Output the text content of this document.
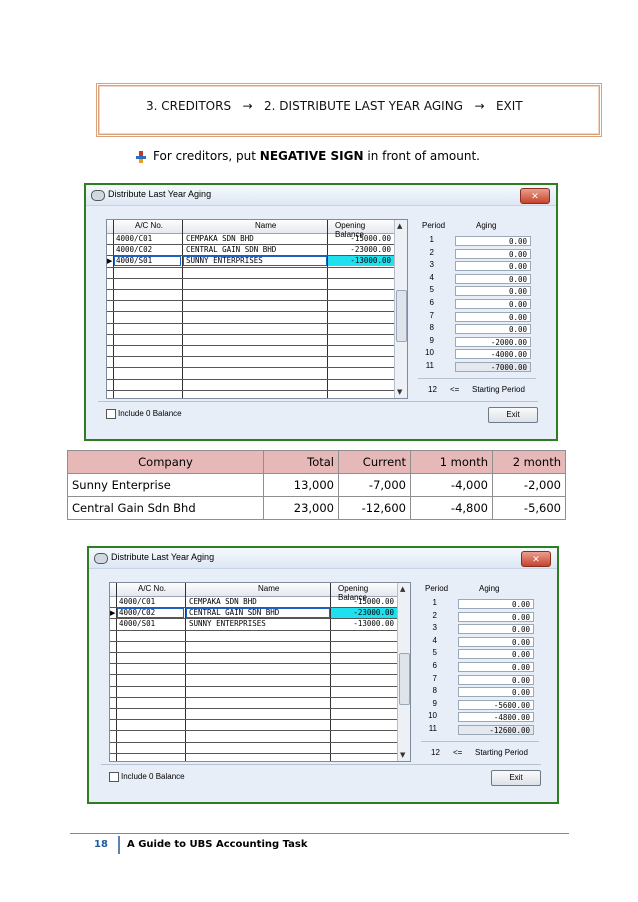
3. CREDITORS → 2. DISTRIBUTE LAST YEAR AGING → EXIT
For creditors, put NEGATIVE SIGN in front of amount.
Distribute Last Year Aging	✕
A/C No.	Name	Opening Balance
4000/C01	CEMPAKA SDN BHD	-15000.00
4000/C02	CENTRAL GAIN SDN BHD	-23000.00
▶ 4000/S01	SUNNY ENTERPRISES	-13000.00
▲
▼
Period	Aging
1	0.00
2	0.00
3	0.00
4	0.00
5	0.00
6	0.00
7	0.00
8	0.00
9	-2000.00
10	-4000.00
11	-7000.00
12 <= Starting Period
Include 0 Balance	Exit
Company	Total	Current	1 month	2 month
Sunny Enterprise	13,000	-7,000	-4,000	-2,000
Central Gain Sdn Bhd	23,000	-12,600	-4,800	-5,600
Distribute Last Year Aging	✕
A/C No.	Name	Opening Balance
4000/C01	CEMPAKA SDN BHD	-15000.00
▶ 4000/C02	CENTRAL GAIN SDN BHD	-23000.00
4000/S01	SUNNY ENTERPRISES	-13000.00
▲
▼
Period	Aging
1	0.00
2	0.00
3	0.00
4	0.00
5	0.00
6	0.00
7	0.00
8	0.00
9	-5600.00
10	-4800.00
11	-12600.00
12 <= Starting Period
Include 0 Balance	Exit
18 A Guide to UBS Accounting Task
